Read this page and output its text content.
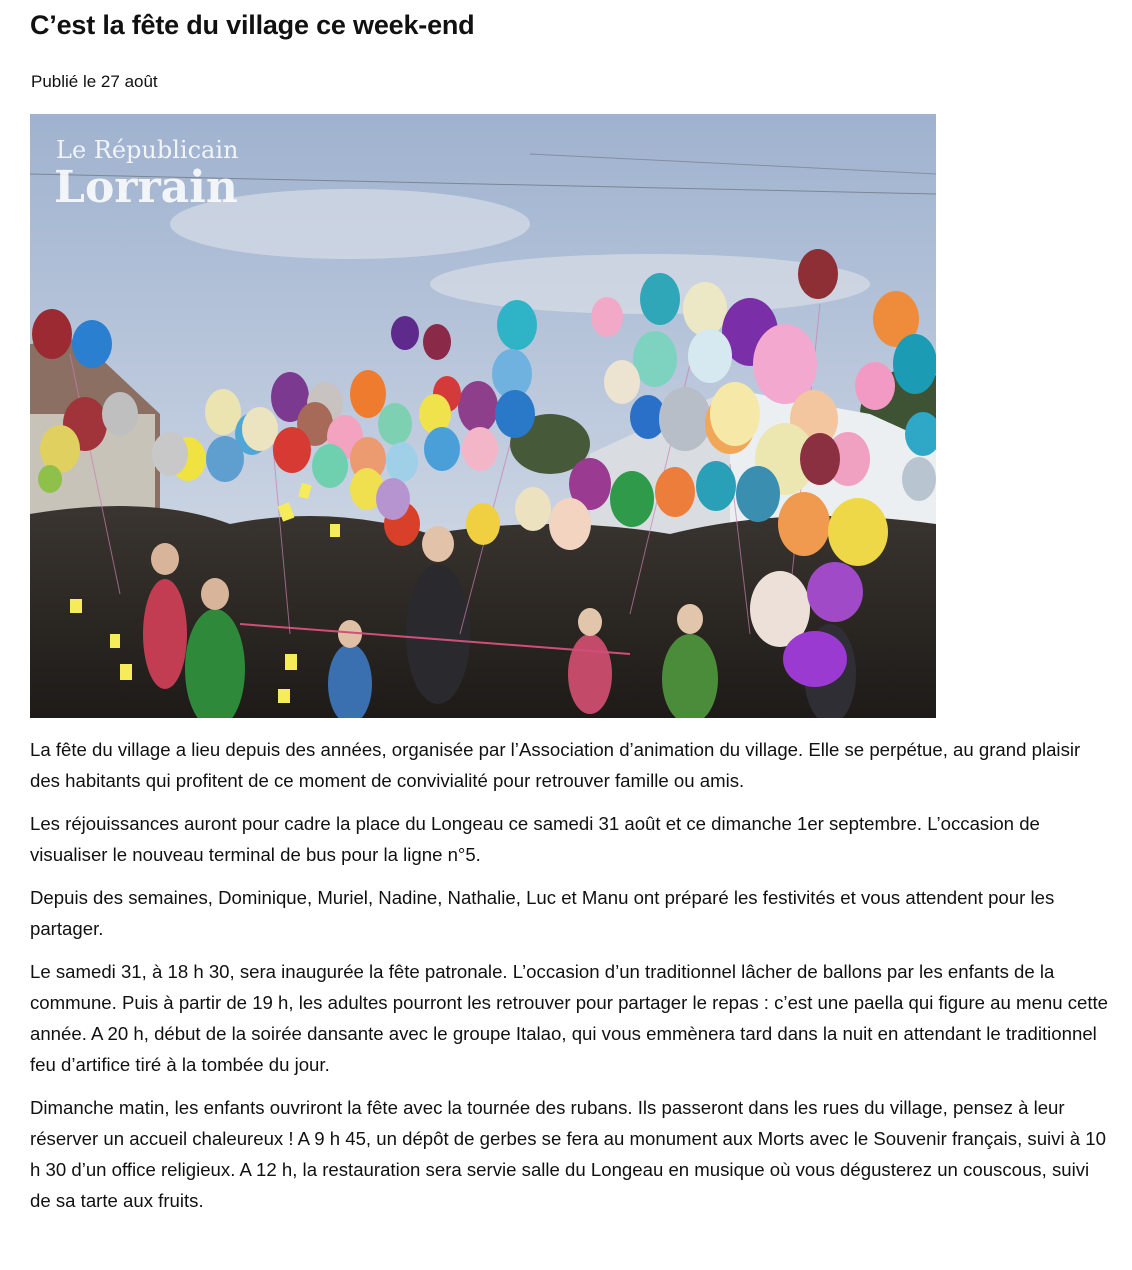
C’est la fête du village ce week-end
Publié le 27 août
Le Républicain
Lorrain

La fête du village a lieu depuis des années, organisée par l’Association d’animation du village. Elle se perpétue, au grand plaisir des habitants qui profitent de ce moment de convivialité pour retrouver famille ou amis.

Les réjouissances auront pour cadre la place du Longeau ce samedi 31 août et ce dimanche 1er septembre. L’occasion de visualiser le nouveau terminal de bus pour la ligne n°5.

Depuis des semaines, Dominique, Muriel, Nadine, Nathalie, Luc et Manu ont préparé les festivités et vous attendent pour les partager.

Le samedi 31, à 18 h 30, sera inaugurée la fête patronale. L’occasion d’un traditionnel lâcher de ballons par les enfants de la commune. Puis à partir de 19 h, les adultes pourront les retrouver pour partager le repas : c’est une paella qui figure au menu cette année. A 20 h, début de la soirée dansante avec le groupe Italao, qui vous emmènera tard dans la nuit en attendant le traditionnel feu d’artifice tiré à la tombée du jour.

Dimanche matin, les enfants ouvriront la fête avec la tournée des rubans. Ils passeront dans les rues du village, pensez à leur réserver un accueil chaleureux ! A 9 h 45, un dépôt de gerbes se fera au monument aux Morts avec le Souvenir français, suivi à 10 h 30 d’un office religieux. A 12 h, la restauration sera servie salle du Longeau en musique où vous dégusterez un couscous, suivi de sa tarte aux fruits.
